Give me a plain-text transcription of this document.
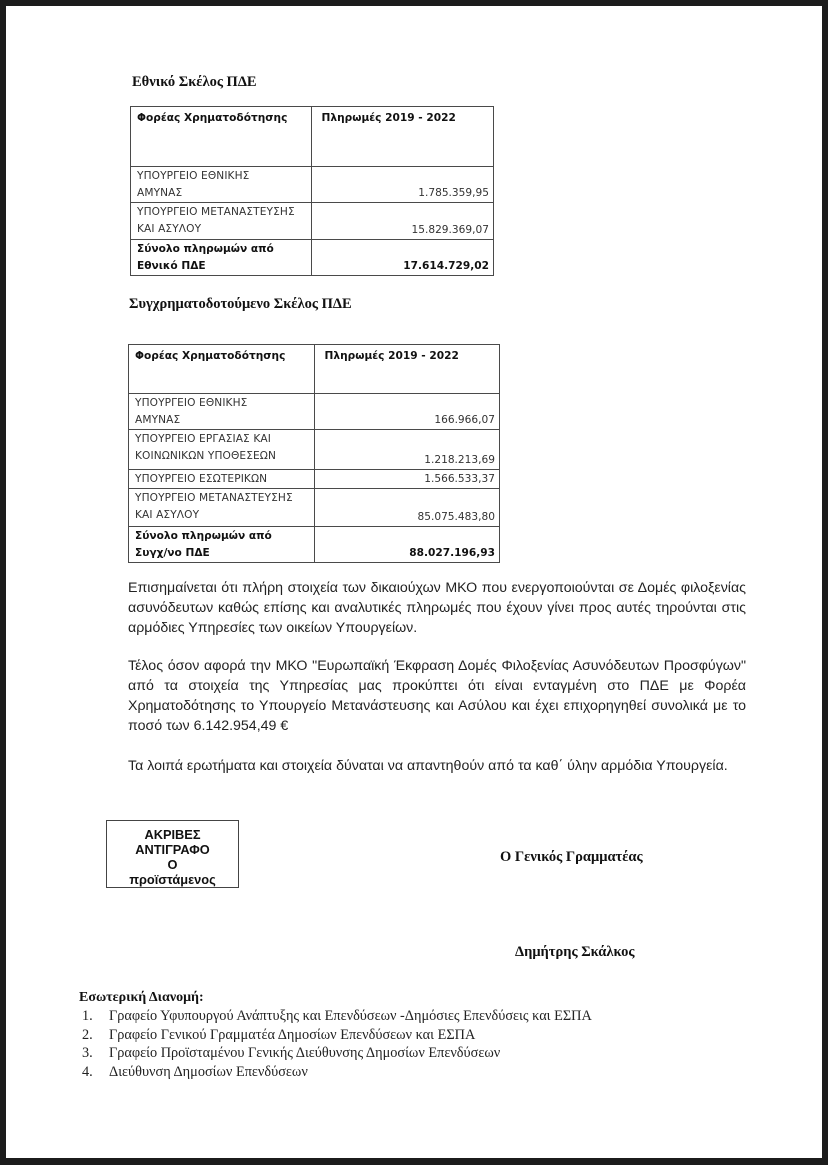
Εθνικό Σκέλος ΠΔΕ
Φορέας Χρηματοδότησης	Πληρωμές 2019 - 2022
ΥΠΟΥΡΓΕΙΟ ΕΘΝΙΚΗΣ
ΑΜΥΝΑΣ	1.785.359,95
ΥΠΟΥΡΓΕΙΟ ΜΕΤΑΝΑΣΤΕΥΣΗΣ
ΚΑΙ ΑΣΥΛΟΥ	15.829.369,07
Σύνολο πληρωμών από
Εθνικό ΠΔΕ	17.614.729,02
Συγχρηματοδοτούμενο Σκέλος ΠΔΕ
Φορέας Χρηματοδότησης	Πληρωμές 2019 - 2022
ΥΠΟΥΡΓΕΙΟ ΕΘΝΙΚΗΣ
ΑΜΥΝΑΣ	166.966,07
ΥΠΟΥΡΓΕΙΟ ΕΡΓΑΣΙΑΣ ΚΑΙ
ΚΟΙΝΩΝΙΚΩΝ ΥΠΟΘΕΣΕΩΝ	1.218.213,69
ΥΠΟΥΡΓΕΙΟ ΕΣΩΤΕΡΙΚΩΝ	1.566.533,37
ΥΠΟΥΡΓΕΙΟ ΜΕΤΑΝΑΣΤΕΥΣΗΣ
ΚΑΙ ΑΣΥΛΟΥ	85.075.483,80
Σύνολο πληρωμών από
Συγχ/νο ΠΔΕ	88.027.196,93

Επισημαίνεται ότι πλήρη στοιχεία των δικαιούχων ΜΚΟ που ενεργοποιούνται σε Δομές φιλοξενίας ασυνόδευτων καθώς επίσης και αναλυτικές πληρωμές που έχουν γίνει προς αυτές τηρούνται στις αρμόδιες Υπηρεσίες των οικείων Υπουργείων.

Τέλος όσον αφορά την ΜΚΟ "Ευρωπαϊκή Έκφραση Δομές Φιλοξενίας Ασυνόδευτων Προσφύγων" από τα στοιχεία της Υπηρεσίας μας προκύπτει ότι είναι ενταγμένη στο ΠΔΕ με Φορέα Χρηματοδότησης το Υπουργείο Μετανάστευσης και Ασύλου και έχει επιχορηγηθεί συνολικά με το ποσό των 6.142.954,49 €

Τα λοιπά ερωτήματα και στοιχεία δύναται να απαντηθούν από τα καθ΄ ύλην αρμόδια Υπουργεία.

ΑΚΡΙΒΕΣ
ΑΝΤΙΓΡΑΦΟ
Ο
προϊστάμενος
Ο Γενικός Γραμματέας
Δημήτρης Σκάλκος
Εσωτερική Διανομή:
1.	Γραφείο Υφυπουργού Ανάπτυξης και Επενδύσεων -Δημόσιες Επενδύσεις και ΕΣΠΑ
2.	Γραφείο Γενικού Γραμματέα Δημοσίων Επενδύσεων και ΕΣΠΑ
3.	Γραφείο Προϊσταμένου Γενικής Διεύθυνσης Δημοσίων Επενδύσεων
4.	Διεύθυνση Δημοσίων Επενδύσεων
